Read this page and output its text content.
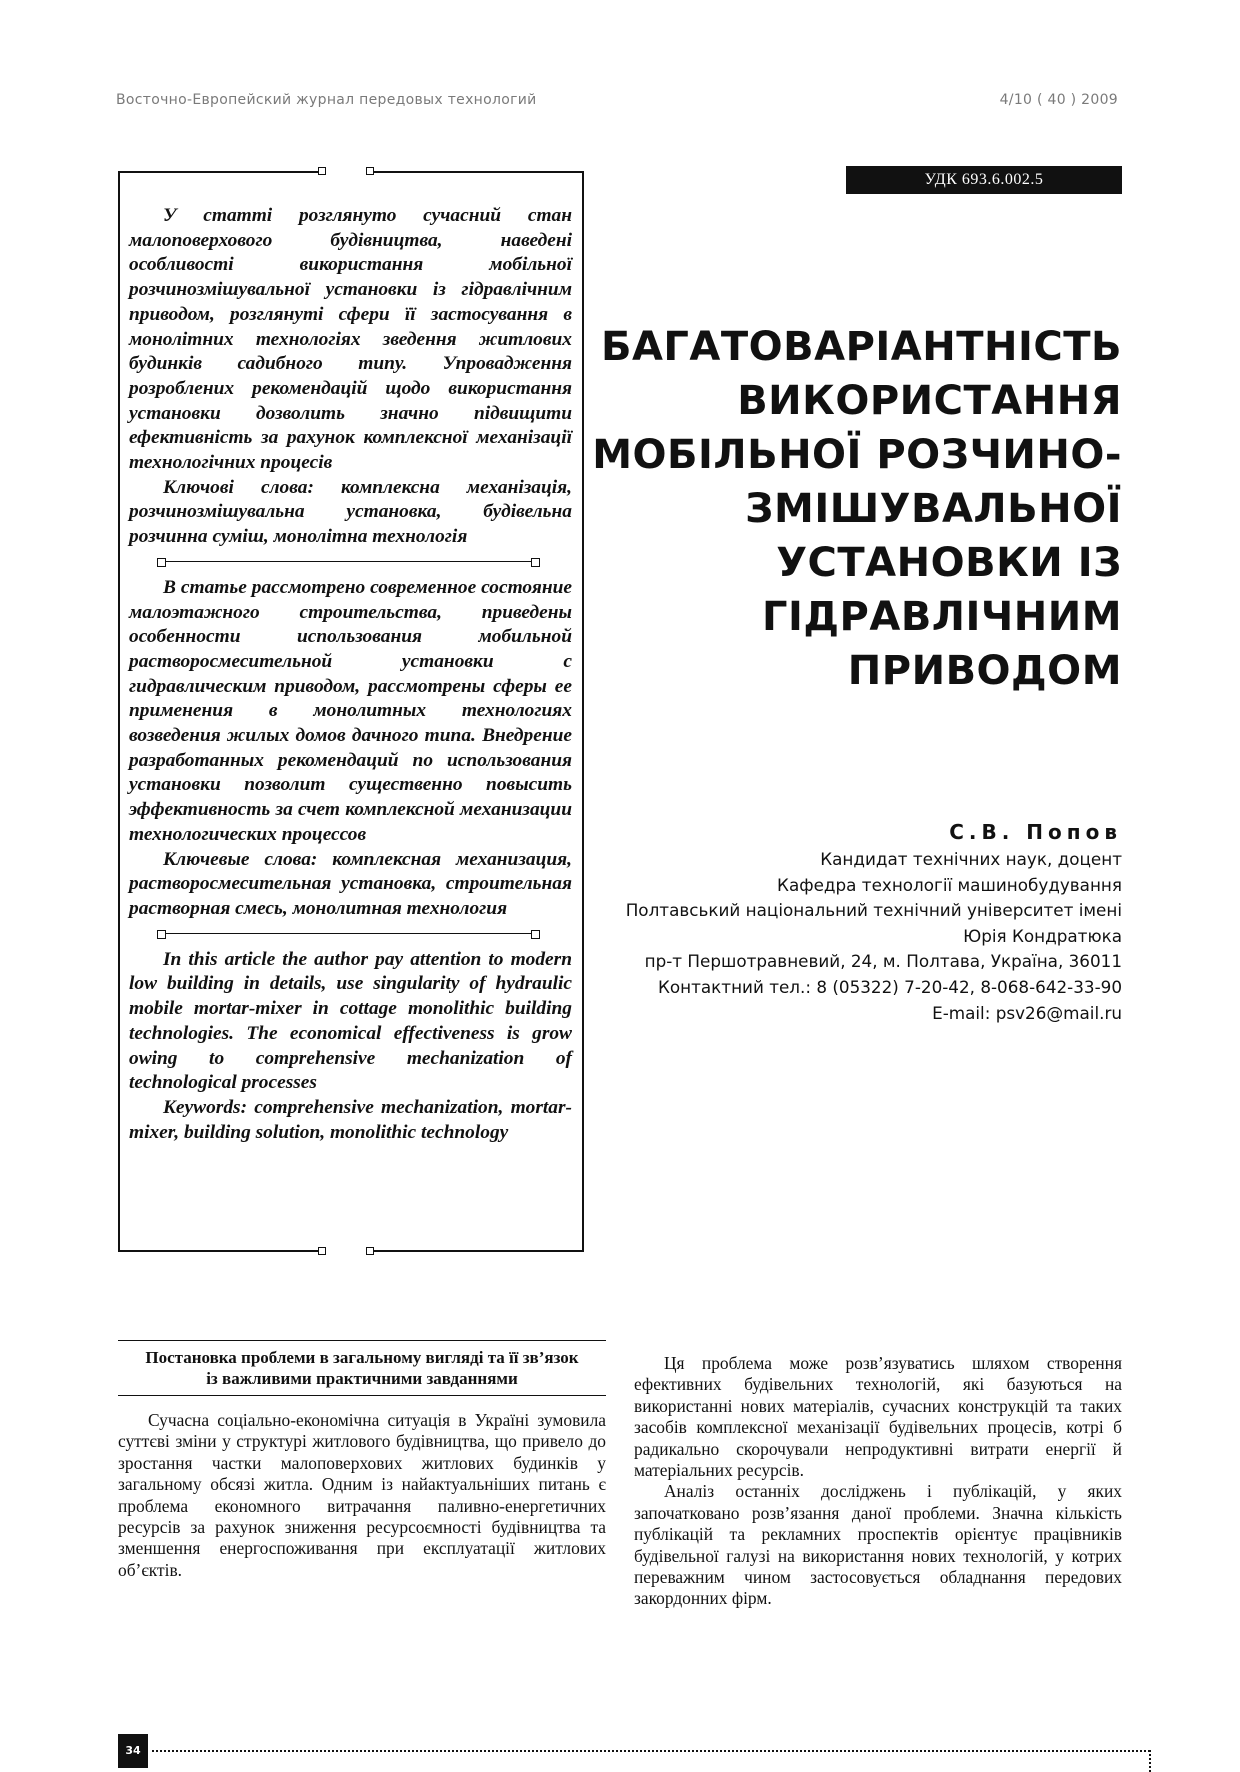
Восточно-Европейский журнал передовых технологий	4/10 ( 40 ) 2009

У статті розглянуто сучасний стан малоповерхового будівництва, наведені особливості використання мобільної розчинозмішувальної установки із гідравлічним приводом, розглянуті сфери її застосування в монолітних технологіях зведення житлових будинків садибного типу. Упровадження розроблених рекомендацій щодо використання установки дозволить значно підвищити ефективність за рахунок комплексної механізації технологічних процесів

Ключові слова: комплексна механізація, розчинозмішувальна установка, будівельна розчинна суміш, монолітна технологія

В статье рассмотрено современное состояние малоэтажного строительства, приведены особенности использования мобильной растворосмесительной установки с гидравлическим приводом, рассмотрены сферы ее применения в монолитных технологиях возведения жилых домов дачного типа. Внедрение разработанных рекомендаций по использования установки позволит существенно повысить эффективность за счет комплексной механизации технологических процессов

Ключевые слова: комплексная механизация, растворосмесительная установка, строительная растворная смесь, монолитная технология

In this article the author pay attention to modern low building in details, use singularity of hydraulic mobile mortar-mixer in cottage monolithic building technologies. The economical effectiveness is grow owing to comprehensive mechanization of technological processes

Keywords: comprehensive mechanization, mortar-mixer, building solution, monolithic technology

УДК 693.6.002.5
БАГАТОВАРІАНТНІСТЬ
ВИКОРИСТАННЯ
МОБІЛЬНОЇ РОЗЧИНО-
ЗМІШУВАЛЬНОЇ
УСТАНОВКИ ІЗ
ГІДРАВЛІЧНИМ
ПРИВОДОМ
С.В. Попов
Кандидат технічних наук, доцент
Кафедра технології машинобудування
Полтавський національний технічний університет імені
Юрія Кондратюка
пр-т Першотравневий, 24, м. Полтава, Україна, 36011
Контактний тел.: 8 (05322) 7-20-42, 8-068-642-33-90
E-mail: psv26@mail.ru
Постановка проблеми в загальному вигляді та її зв’язок
із важливими практичними завданнями

Сучасна соціально-економічна ситуація в Україні зумовила суттєві зміни у структурі житлового будівництва, що привело до зростання частки малоповерхових житлових будинків у загальному обсязі житла. Одним із найактуальніших питань є проблема економного витрачання паливно-енергетичних ресурсів за рахунок зниження ресурсоємності будівництва та зменшення енергоспоживання при експлуатації житлових об’єктів.

Ця проблема може розв’язуватись шляхом створення ефективних будівельних технологій, які базуються на використанні нових матеріалів, сучасних конструкцій та таких засобів комплексної механізації будівельних процесів, котрі б радикально скорочували непродуктивні витрати енергії й матеріальних ресурсів.

Аналіз останніх досліджень і публікацій, у яких започатковано розв’язання даної проблеми. Значна кількість публікацій та рекламних проспектів орієнтує працівників будівельної галузі на використання нових технологій, у котрих переважним чином застосовується обладнання передових закордонних фірм.

34
